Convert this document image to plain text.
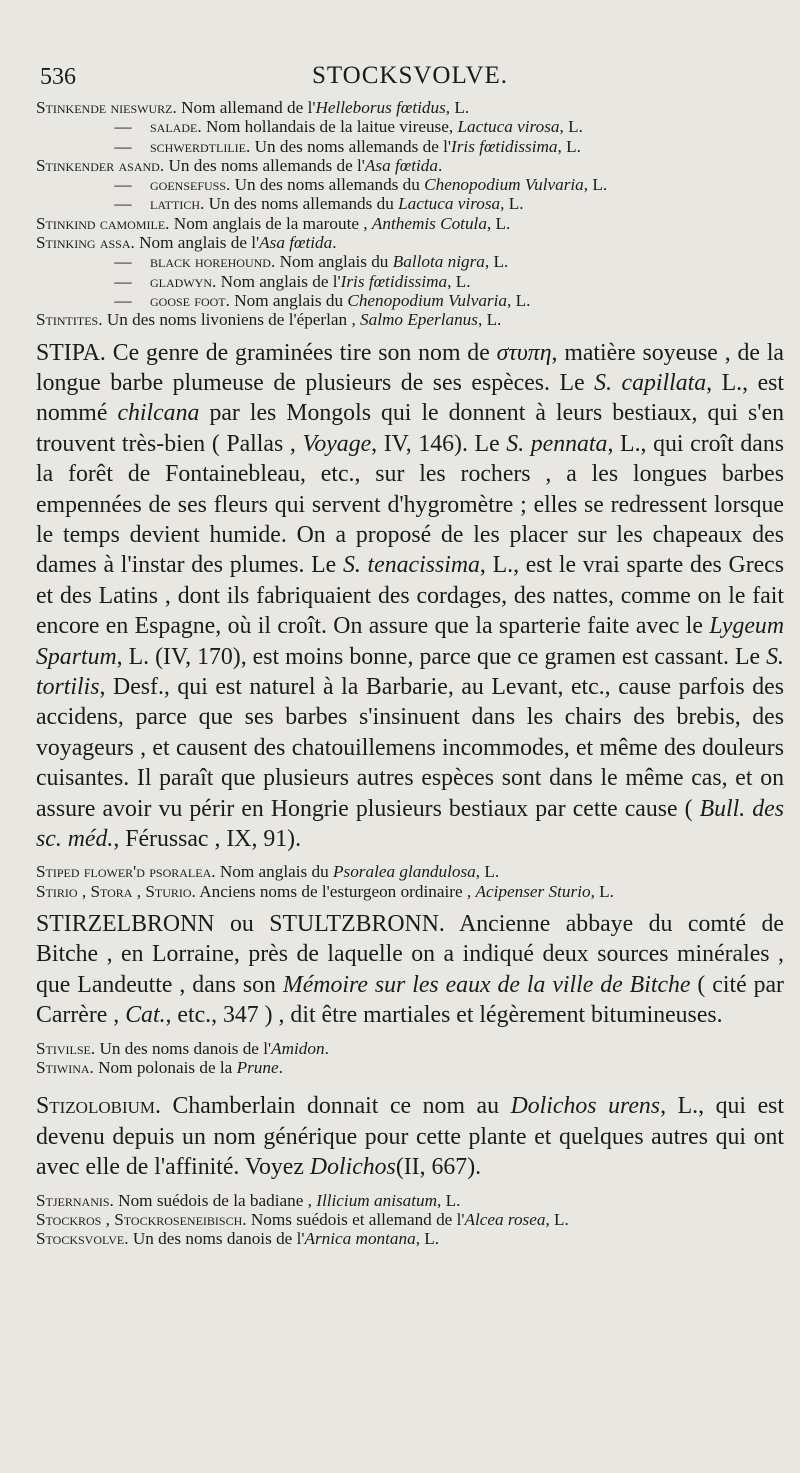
536	STOCKSVOLVE.

Stinkende nieswurz. Nom allemand de l'Helleborus fœtidus, L.

— salade. Nom hollandais de la laitue vireuse, Lactuca virosa, L.

— schwerdtlilie. Un des noms allemands de l'Iris fœtidissima, L.

Stinkender asand. Un des noms allemands de l'Asa fœtida.

— goensefuss. Un des noms allemands du Chenopodium Vulvaria, L.

— lattich. Un des noms allemands du Lactuca virosa, L.

Stinkind camomile. Nom anglais de la maroute , Anthemis Cotula, L.

Stinking assa. Nom anglais de l'Asa fœtida.

— black horehound. Nom anglais du Ballota nigra, L.

— gladwyn. Nom anglais de l'Iris fœtidissima, L.

— goose foot. Nom anglais du Chenopodium Vulvaria, L.

Stintites. Un des noms livoniens de l'éperlan , Salmo Eperlanus, L.

STIPA. Ce genre de graminées tire son nom de στυπη, matière soyeuse , de la longue barbe plumeuse de plusieurs de ses espèces. Le S. capillata, L., est nommé chilcana par les Mongols qui le donnent à leurs bestiaux, qui s'en trouvent très-bien ( Pallas , Voyage, IV, 146). Le S. pennata, L., qui croît dans la forêt de Fontainebleau, etc., sur les rochers , a les longues barbes empennées de ses fleurs qui servent d'hygromètre ; elles se redressent lorsque le temps devient humide. On a proposé de les placer sur les chapeaux des dames à l'instar des plumes. Le S. tenacissima, L., est le vrai sparte des Grecs et des Latins , dont ils fabriquaient des cordages, des nattes, comme on le fait encore en Espagne, où il croît. On assure que la sparterie faite avec le Lygeum Spartum, L. (IV, 170), est moins bonne, parce que ce gramen est cassant. Le S. tortilis, Desf., qui est naturel à la Barbarie, au Levant, etc., cause parfois des accidens, parce que ses barbes s'insinuent dans les chairs des brebis, des voyageurs , et causent des chatouillemens incommodes, et même des douleurs cuisantes. Il paraît que plusieurs autres espèces sont dans le même cas, et on assure avoir vu périr en Hongrie plusieurs bestiaux par cette cause ( Bull. des sc. méd., Férussac , IX, 91).

Stiped flower'd psoralea. Nom anglais du Psoralea glandulosa, L.

Stirio , Stora , Sturio. Anciens noms de l'esturgeon ordinaire , Acipenser Sturio, L.

STIRZELBRONN ou STULTZBRONN. Ancienne abbaye du comté de Bitche , en Lorraine, près de laquelle on a indiqué deux sources minérales , que Landeutte , dans son Mémoire sur les eaux de la ville de Bitche ( cité par Carrère , Cat., etc., 347 ) , dit être martiales et légèrement bitumineuses.

Stivilse. Un des noms danois de l'Amidon.

Stiwina. Nom polonais de la Prune.

Stizolobium. Chamberlain donnait ce nom au Dolichos urens, L., qui est devenu depuis un nom générique pour cette plante et quelques autres qui ont avec elle de l'affinité. Voyez Dolichos(II, 667).

Stjernanis. Nom suédois de la badiane , Illicium anisatum, L.

Stockros , Stockroseneibisch. Noms suédois et allemand de l'Alcea rosea, L.

Stocksvolve. Un des noms danois de l'Arnica montana, L.
